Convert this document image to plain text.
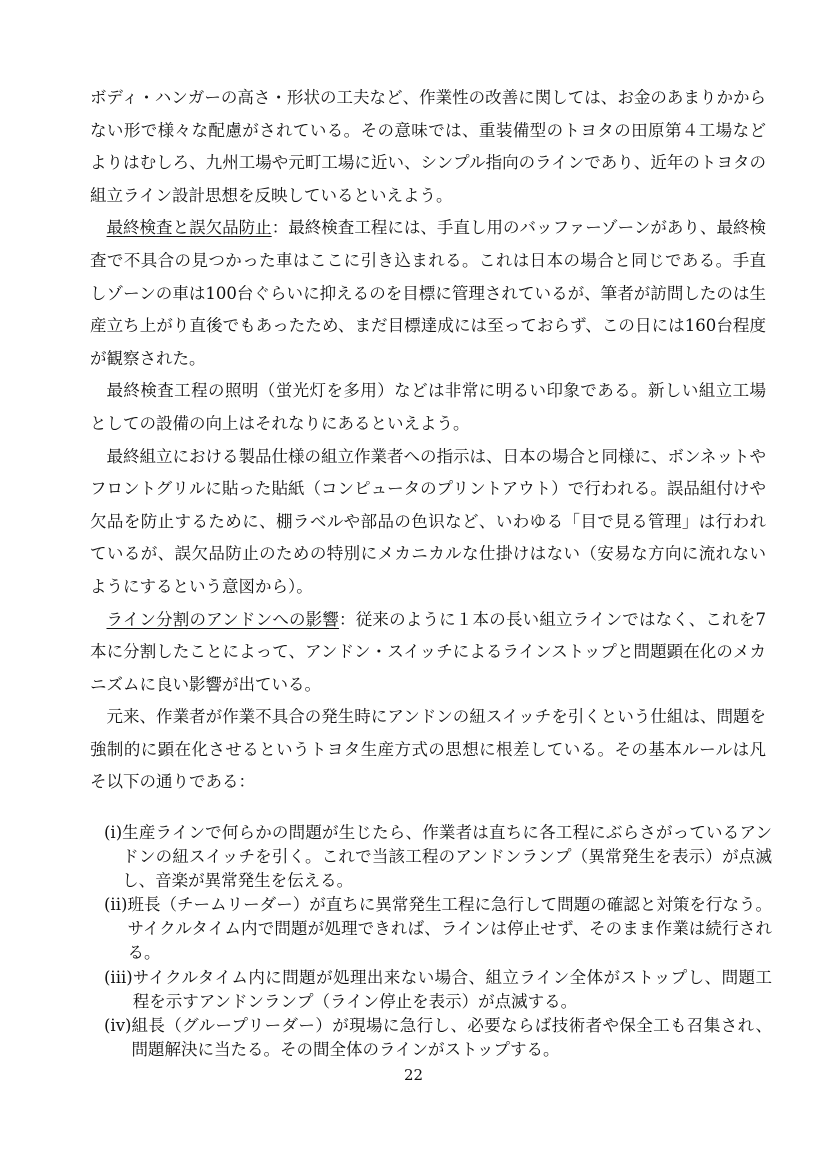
ボディ・ハンガーの高さ・形状の工夫など、作業性の改善に関しては、お金のあまりかからない形で様々な配慮がされている。その意味では、重装備型のトヨタの田原第４工場などよりはむしろ、九州工場や元町工場に近い、シンプル指向のラインであり、近年のトヨタの組立ライン設計思想を反映しているといえよう。

最終検査と誤欠品防止：最終検査工程には、手直し用のバッファーゾーンがあり、最終検査で不具合の見つかった車はここに引き込まれる。これは日本の場合と同じである。手直しゾーンの車は100台ぐらいに抑えるのを目標に管理されているが、筆者が訪問したのは生産立ち上がり直後でもあったため、まだ目標達成には至っておらず、この日には160台程度が観察された。

最終検査工程の照明（蛍光灯を多用）などは非常に明るい印象である。新しい組立工場としての設備の向上はそれなりにあるといえよう。

最終組立における製品仕様の組立作業者への指示は、日本の場合と同様に、ボンネットやフロントグリルに貼った貼紙（コンピュータのプリントアウト）で行われる。誤品組付けや欠品を防止するために、棚ラベルや部品の色识など、いわゆる「目で見る管理」は行われているが、誤欠品防止のための特別にメカニカルな仕掛けはない（安易な方向に流れないようにするという意図から）。

ライン分割のアンドンへの影響：従来のように１本の長い組立ラインではなく、これを7本に分割したことによって、アンドン・スイッチによるラインストップと問題顕在化のメカニズムに良い影響が出ている。

元来、作業者が作業不具合の発生時にアンドンの紐スイッチを引くという仕組は、問題を強制的に顕在化させるというトヨタ生産方式の思想に根差している。その基本ルールは凡そ以下の通りである：

(i) 生産ラインで何らかの問題が生じたら、作業者は直ちに各工程にぶらさがっているアンドンの紐スイッチを引く。これで当該工程のアンドンランプ（異常発生を表示）が点滅し、音楽が異常発生を伝える。
(ii) 班長（チームリーダー）が直ちに異常発生工程に急行して問題の確認と対策を行なう。サイクルタイム内で問題が処理できれば、ラインは停止せず、そのまま作業は続行される。
(iii) サイクルタイム内に問題が処理出来ない場合、組立ライン全体がストップし、問題工程を示すアンドンランプ（ライン停止を表示）が点滅する。
(iv) 組長（グループリーダー）が現場に急行し、必要ならば技術者や保全工も召集され、問題解決に当たる。その間全体のラインがストップする。
22
